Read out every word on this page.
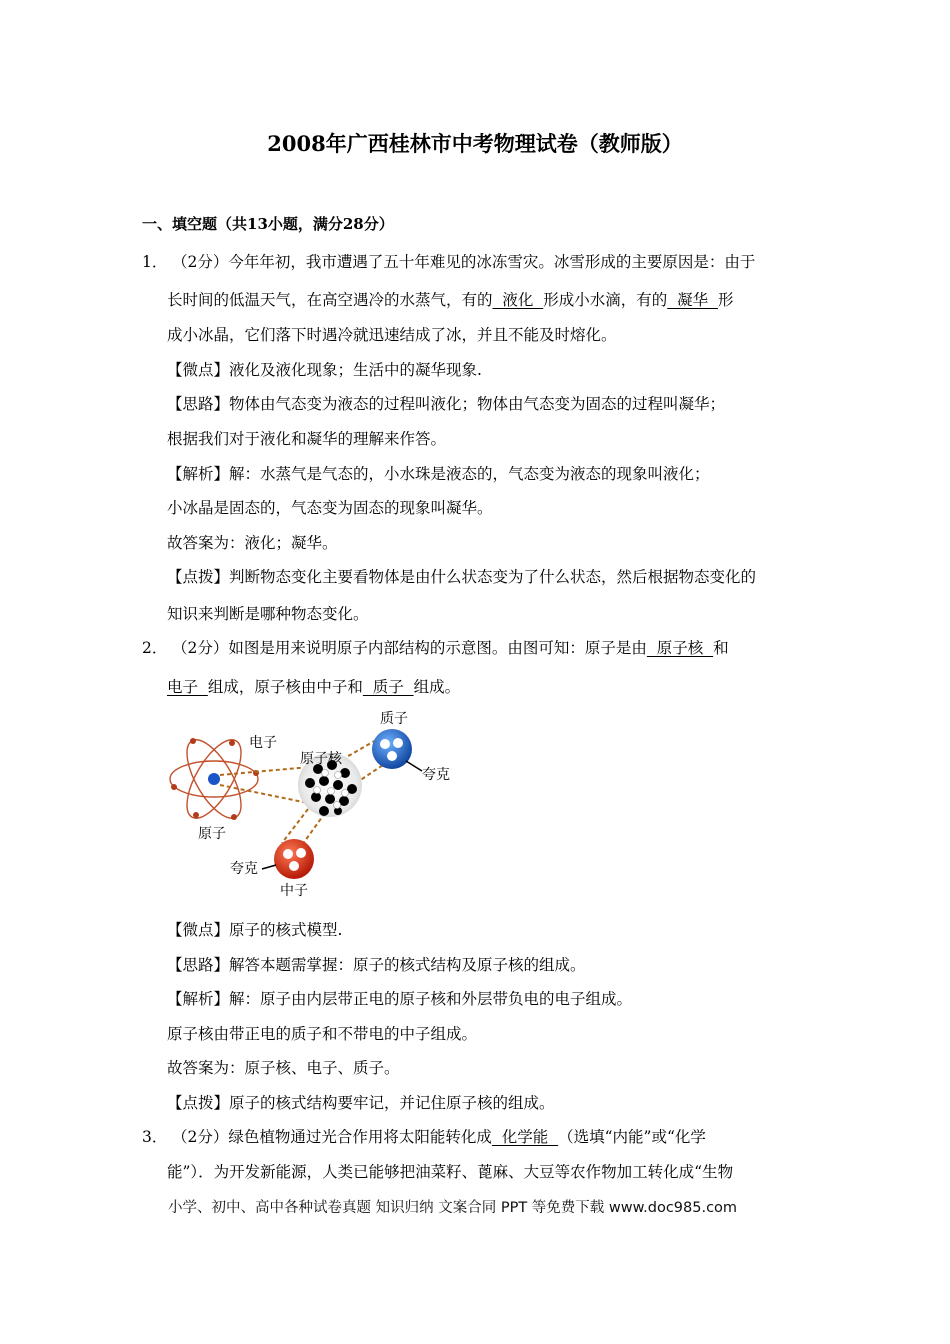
2008年广西桂林市中考物理试卷（教师版）
一、填空题（共13小题，满分28分）
1． （2分）今年年初，我市遭遇了五十年难见的冰冻雪灾。冰雪形成的主要原因是：由于
长时间的低温天气，在高空遇冷的水蒸气，有的  液化  形成小水滴，有的  凝华  形
成小冰晶，它们落下时遇冷就迅速结成了冰，并且不能及时熔化。
【微点】液化及液化现象；生活中的凝华现象.
【思路】物体由气态变为液态的过程叫液化；物体由气态变为固态的过程叫凝华；
根据我们对于液化和凝华的理解来作答。
【解析】解：水蒸气是气态的，小水珠是液态的，气态变为液态的现象叫液化；
小冰晶是固态的，气态变为固态的现象叫凝华。
故答案为：液化；凝华。
【点拨】判断物态变化主要看物体是由什么状态变为了什么状态，然后根据物态变化的
知识来判断是哪种物态变化。
2． （2分）如图是用来说明原子内部结构的示意图。由图可知：原子是由  原子核  和
电子  组成，原子核由中子和  质子  组成。
电子
原子核
质子
夸克
原子
夸克
中子
【微点】原子的核式模型.
【思路】解答本题需掌握：原子的核式结构及原子核的组成。
【解析】解：原子由内层带正电的原子核和外层带负电的电子组成。
原子核由带正电的质子和不带电的中子组成。
故答案为：原子核、电子、质子。
【点拨】原子的核式结构要牢记，并记住原子核的组成。
3． （2分）绿色植物通过光合作用将太阳能转化成  化学能  （选填“内能”或“化学
能”）．为开发新能源，人类已能够把油菜籽、蓖麻、大豆等农作物加工转化成“生物
小学、初中、高中各种试卷真题 知识归纳 文案合同 PPT 等免费下载 www.doc985.com
